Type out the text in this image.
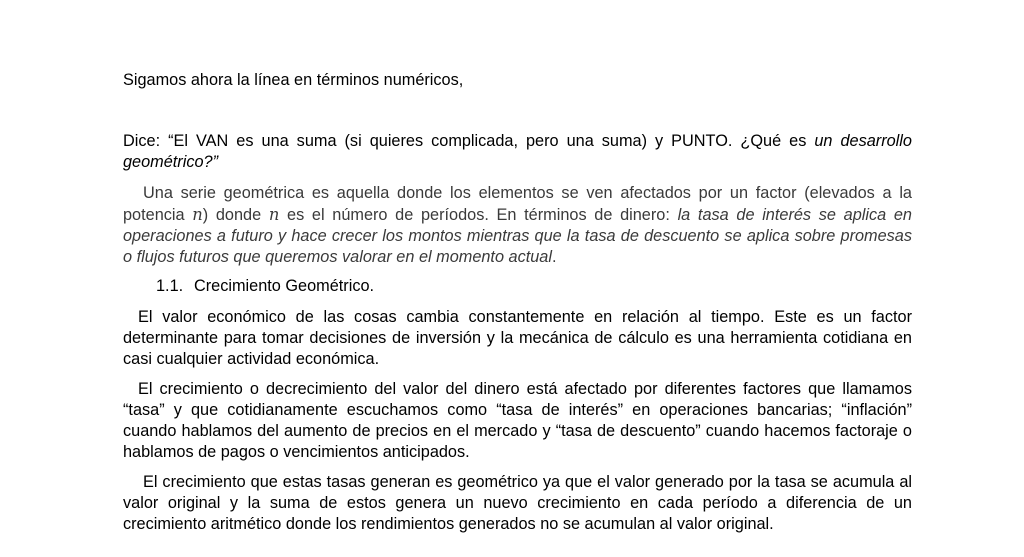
Sigamos ahora la línea en términos numéricos,

Dice: “El VAN es una suma (si quieres complicada, pero una suma) y PUNTO. ¿Qué es un desarrollo geométrico?”

Una serie geométrica es aquella donde los elementos se ven afectados por un factor (elevados a la potencia n) donde n es el número de períodos. En términos de dinero: la tasa de interés se aplica en operaciones a futuro y hace crecer los montos mientras que la tasa de descuento se aplica sobre promesas o flujos futuros que queremos valorar en el momento actual.

1.1. Crecimiento Geométrico.

El valor económico de las cosas cambia constantemente en relación al tiempo. Este es un factor determinante para tomar decisiones de inversión y la mecánica de cálculo es una herramienta cotidiana en casi cualquier actividad económica.

El crecimiento o decrecimiento del valor del dinero está afectado por diferentes factores que llamamos “tasa” y que cotidianamente escuchamos como “tasa de interés” en operaciones bancarias; “inflación” cuando hablamos del aumento de precios en el mercado y “tasa de descuento” cuando hacemos factoraje o hablamos de pagos o vencimientos anticipados.

El crecimiento que estas tasas generan es geométrico ya que el valor generado por la tasa se acumula al valor original y la suma de estos genera un nuevo crecimiento en cada período a diferencia de un crecimiento aritmético donde los rendimientos generados no se acumulan al valor original.
